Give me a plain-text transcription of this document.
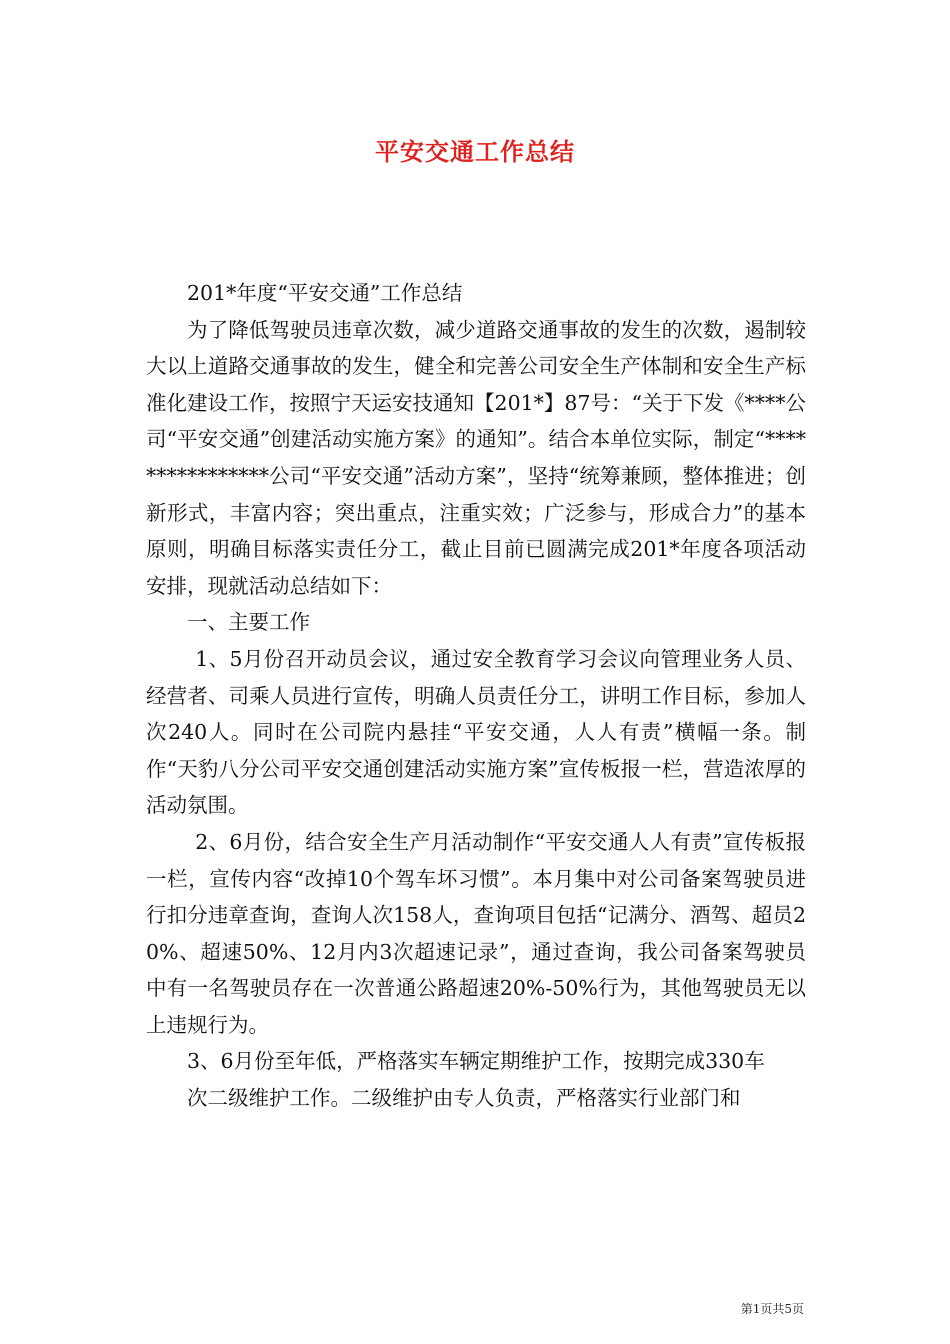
平安交通工作总结

201*年度“平安交通”工作总结

为了降低驾驶员违章次数，减少道路交通事故的发生的次数，遏制较大以上道路交通事故的发生，健全和完善公司安全生产体制和安全生产标准化建设工作，按照宁天运安技通知【201*】87号：“关于下发《****公司“平安交通”创建活动实施方案》的通知”。结合本单位实际，制定“****************公司“平安交通”活动方案”，坚持“统筹兼顾，整体推进；创新形式，丰富内容；突出重点，注重实效；广泛参与，形成合力”的基本原则，明确目标落实责任分工，截止目前已圆满完成201*年度各项活动安排，现就活动总结如下：

一、主要工作

1、5月份召开动员会议，通过安全教育学习会议向管理业务人员、经营者、司乘人员进行宣传，明确人员责任分工，讲明工作目标，参加人次240人。同时在公司院内悬挂“平安交通，人人有责”横幅一条。制作“天豹八分公司平安交通创建活动实施方案”宣传板报一栏，营造浓厚的活动氛围。

2、6月份，结合安全生产月活动制作“平安交通人人有责”宣传板报一栏，宣传内容“改掉10个驾车坏习惯”。本月集中对公司备案驾驶员进行扣分违章查询，查询人次158人，查询项目包括“记满分、酒驾、超员20%、超速50%、12月内3次超速记录”，通过查询，我公司备案驾驶员中有一名驾驶员存在一次普通公路超速20%-50%行为，其他驾驶员无以上违规行为。

3、6月份至年低，严格落实车辆定期维护工作，按期完成330车

次二级维护工作。二级维护由专人负责，严格落实行业部门和

第1页共5页
